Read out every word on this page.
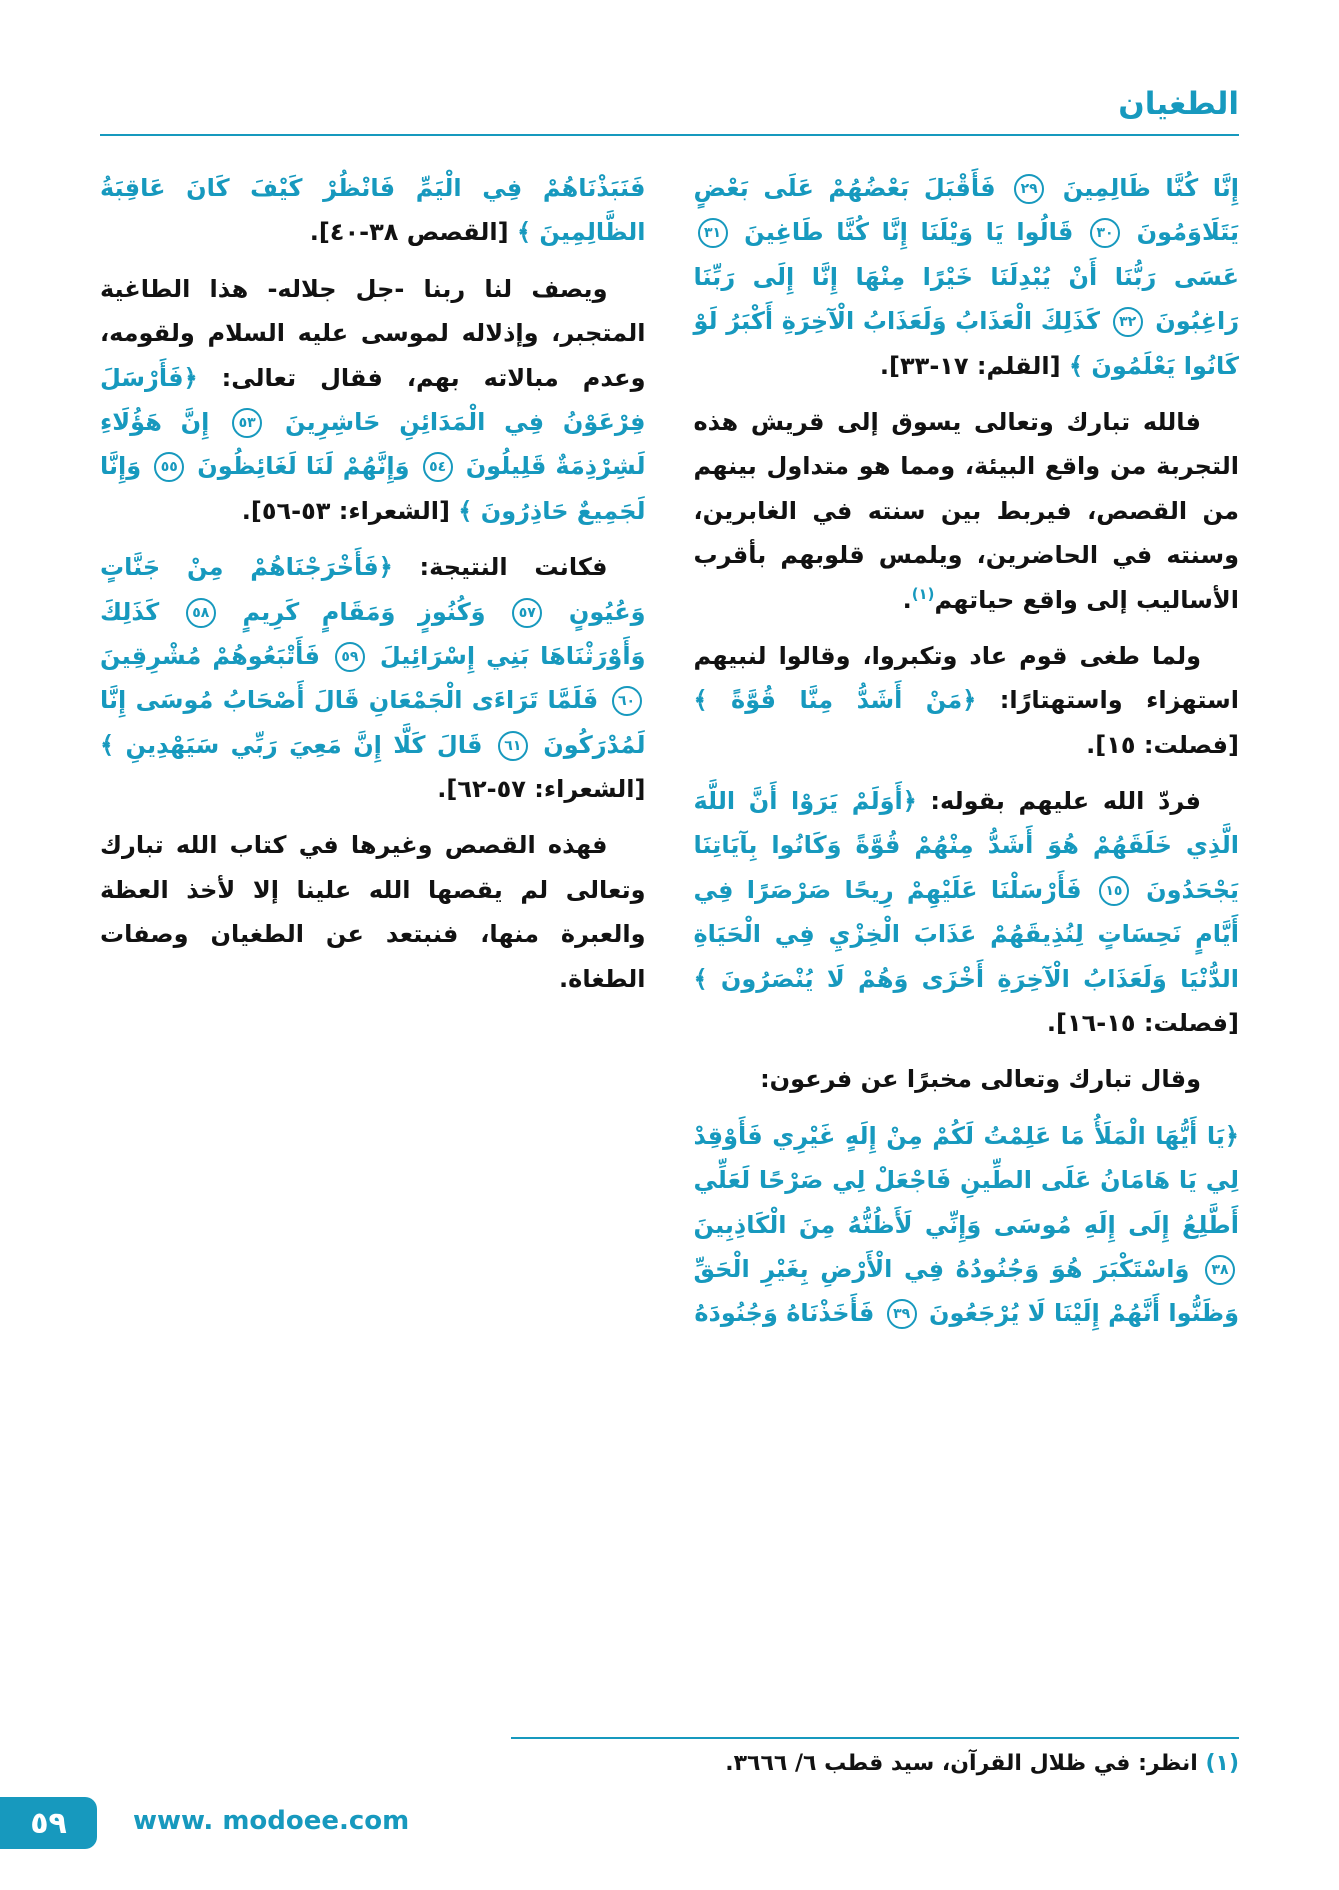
الطغيان

إِنَّا كُنَّا ظَالِمِينَ ٢٩ فَأَقْبَلَ بَعْضُهُمْ عَلَى بَعْضٍ يَتَلَاوَمُونَ ٣٠ قَالُوا يَا وَيْلَنَا إِنَّا كُنَّا طَاغِينَ ٣١ عَسَى رَبُّنَا أَنْ يُبْدِلَنَا خَيْرًا مِنْهَا إِنَّا إِلَى رَبِّنَا رَاغِبُونَ ٣٢ كَذَلِكَ الْعَذَابُ وَلَعَذَابُ الْآخِرَةِ أَكْبَرُ لَوْ كَانُوا يَعْلَمُونَ ﴾ [القلم: ١٧-٣٣].

فالله تبارك وتعالى يسوق إلى قريش هذه التجربة من واقع البيئة، ومما هو متداول بينهم من القصص، فيربط بين سنته في الغابرين، وسنته في الحاضرين، ويلمس قلوبهم بأقرب الأساليب إلى واقع حياتهم$^{(١)}$.

ولما طغى قوم عاد وتكبروا، وقالوا لنبيهم استهزاء واستهتارًا: ﴿مَنْ أَشَدُّ مِنَّا قُوَّةً ﴾ [فصلت: ١٥].

فردّ الله عليهم بقوله: ﴿أَوَلَمْ يَرَوْا أَنَّ اللَّهَ الَّذِي خَلَقَهُمْ هُوَ أَشَدُّ مِنْهُمْ قُوَّةً وَكَانُوا بِآيَاتِنَا يَجْحَدُونَ ١٥ فَأَرْسَلْنَا عَلَيْهِمْ رِيحًا صَرْصَرًا فِي أَيَّامٍ نَحِسَاتٍ لِنُذِيقَهُمْ عَذَابَ الْخِزْيِ فِي الْحَيَاةِ الدُّنْيَا وَلَعَذَابُ الْآخِرَةِ أَخْزَى وَهُمْ لَا يُنْصَرُونَ ﴾ [فصلت: ١٥-١٦].

وقال تبارك وتعالى مخبرًا عن فرعون:

﴿يَا أَيُّهَا الْمَلَأُ مَا عَلِمْتُ لَكُمْ مِنْ إِلَهٍ غَيْرِي فَأَوْقِدْ لِي يَا هَامَانُ عَلَى الطِّينِ فَاجْعَلْ لِي صَرْحًا لَعَلِّي أَطَّلِعُ إِلَى إِلَهِ مُوسَى وَإِنِّي لَأَظُنُّهُ مِنَ الْكَاذِبِينَ ٣٨ وَاسْتَكْبَرَ هُوَ وَجُنُودُهُ فِي الْأَرْضِ بِغَيْرِ الْحَقِّ وَظَنُّوا أَنَّهُمْ إِلَيْنَا لَا يُرْجَعُونَ ٣٩ فَأَخَذْنَاهُ وَجُنُودَهُ

فَنَبَذْنَاهُمْ فِي الْيَمِّ فَانْظُرْ كَيْفَ كَانَ عَاقِبَةُ الظَّالِمِينَ ﴾ [القصص ٣٨-٤٠].

ويصف لنا ربنا -جل جلاله- هذا الطاغية المتجبر، وإذلاله لموسى عليه السلام ولقومه، وعدم مبالاته بهم، فقال تعالى: ﴿فَأَرْسَلَ فِرْعَوْنُ فِي الْمَدَائِنِ حَاشِرِينَ ٥٣ إِنَّ هَؤُلَاءِ لَشِرْذِمَةٌ قَلِيلُونَ ٥٤ وَإِنَّهُمْ لَنَا لَغَائِظُونَ ٥٥ وَإِنَّا لَجَمِيعٌ حَاذِرُونَ ﴾ [الشعراء: ٥٣-٥٦].

فكانت النتيجة: ﴿فَأَخْرَجْنَاهُمْ مِنْ جَنَّاتٍ وَعُيُونٍ ٥٧ وَكُنُوزٍ وَمَقَامٍ كَرِيمٍ ٥٨ كَذَلِكَ وَأَوْرَثْنَاهَا بَنِي إِسْرَائِيلَ ٥٩ فَأَتْبَعُوهُمْ مُشْرِقِينَ ٦٠ فَلَمَّا تَرَاءَى الْجَمْعَانِ قَالَ أَصْحَابُ مُوسَى إِنَّا لَمُدْرَكُونَ ٦١ قَالَ كَلَّا إِنَّ مَعِيَ رَبِّي سَيَهْدِينِ ﴾ [الشعراء: ٥٧-٦٢].

فهذه القصص وغيرها في كتاب الله تبارك وتعالى لم يقصها الله علينا إلا لأخذ العظة والعبرة منها، فنبتعد عن الطغيان وصفات الطغاة.

(١) انظر: في ظلال القرآن، سيد قطب ٦/ ٣٦٦٦.
٥٩	www. modoee.com
